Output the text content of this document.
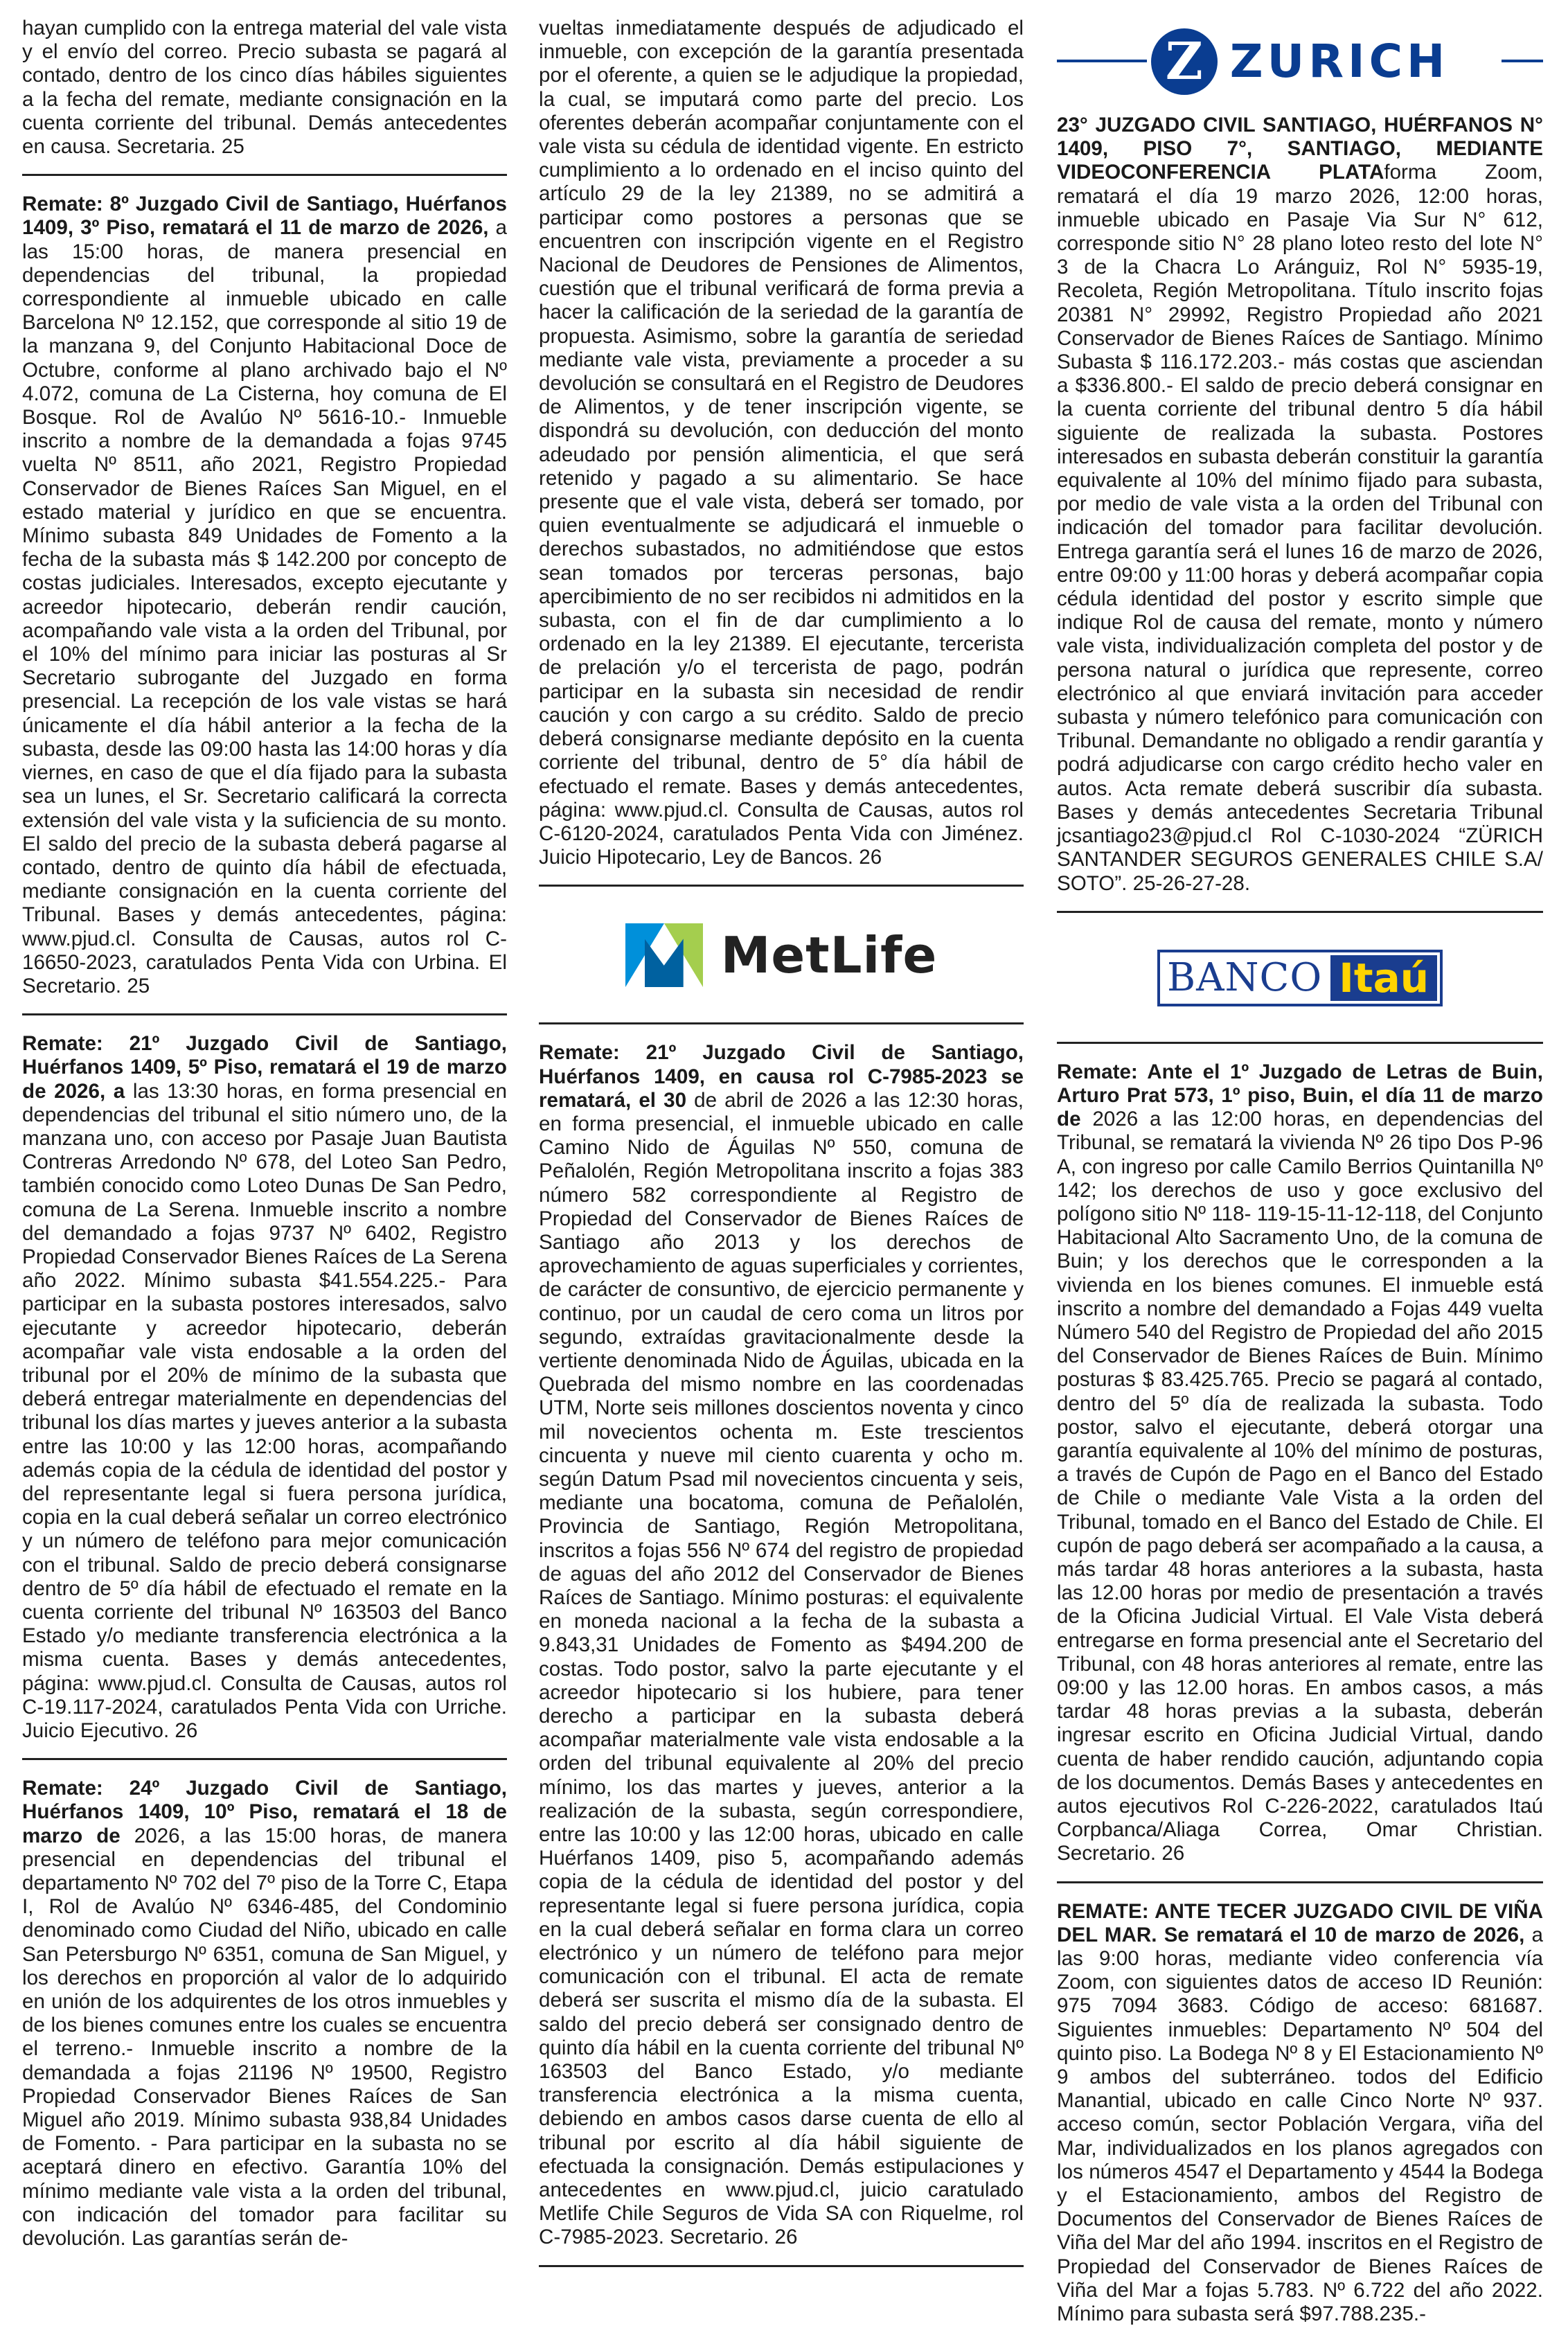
hayan cumplido con la entrega material del vale vista y el envío del correo. Precio subasta se pagará al contado, dentro de los cinco días hábiles siguientes a la fecha del remate, mediante consignación en la cuenta corriente del tribunal. Demás antecedentes en causa. Secretaria. 25

Remate: 8º Juzgado Civil de Santiago, Huérfanos 1409, 3º Piso, rematará el 11 de marzo de 2026, a las 15:00 horas, de manera presencial en dependencias del tribunal, la propiedad correspondiente al inmueble ubicado en calle Barcelona Nº 12.152, que corresponde al sitio 19 de la manzana 9, del Conjunto Habitacional Doce de Octubre, conforme al plano archivado bajo el Nº 4.072, comuna de La Cisterna, hoy comuna de El Bosque. Rol de Avalúo Nº 5616-10.- Inmueble inscrito a nombre de la demandada a fojas 9745 vuelta Nº 8511, año 2021, Registro Propiedad Conservador de Bienes Raíces San Miguel, en el estado material y jurídico en que se encuentra. Mínimo subasta 849 Unidades de Fomento a la fecha de la subasta más $ 142.200 por concepto de costas judiciales. Interesados, excepto ejecutante y acreedor hipotecario, deberán rendir caución, acompañando vale vista a la orden del Tribunal, por el 10% del mínimo para iniciar las posturas al Sr Secretario subrogante del Juzgado en forma presencial. La recepción de los vale vistas se hará únicamente el día hábil anterior a la fecha de la subasta, desde las 09:00 hasta las 14:00 horas y día viernes, en caso de que el día fijado para la subasta sea un lunes, el Sr. Secretario calificará la correcta extensión del vale vista y la suficiencia de su monto. El saldo del precio de la subasta deberá pagarse al contado, dentro de quinto día hábil de efectuada, mediante consignación en la cuenta corriente del Tribunal. Bases y demás antecedentes, página: www.pjud.cl. Consulta de Causas, autos rol C-16650-2023, caratulados Penta Vida con Urbina. El Secretario. 25

Remate: 21º Juzgado Civil de Santiago, Huérfanos 1409, 5º Piso, rematará el 19 de marzo de 2026, a las 13:30 horas, en forma presencial en dependencias del tribunal el sitio número uno, de la manzana uno, con acceso por Pasaje Juan Bautista Contreras Arredondo Nº 678, del Loteo San Pedro, también conocido como Loteo Dunas De San Pedro, comuna de La Serena. Inmueble inscrito a nombre del demandado a fojas 9737 Nº 6402, Registro Propiedad Conservador Bienes Raíces de La Serena año 2022. Mínimo subasta $41.554.225.- Para participar en la subasta postores interesados, salvo ejecutante y acreedor hipotecario, deberán acompañar vale vista endosable a la orden del tribunal por el 20% de mínimo de la subasta que deberá entregar materialmente en dependencias del tribunal los días martes y jueves anterior a la subasta entre las 10:00 y las 12:00 horas, acompañando además copia de la cédula de identidad del postor y del representante legal si fuera persona jurídica, copia en la cual deberá señalar un correo electrónico y un número de teléfono para mejor comunicación con el tribunal. Saldo de precio deberá consignarse dentro de 5º día hábil de efectuado el remate en la cuenta corriente del tribunal Nº 163503 del Banco Estado y/o mediante transferencia electrónica a la misma cuenta. Bases y demás antecedentes, página: www.pjud.cl. Consulta de Causas, autos rol C-19.117-2024, caratulados Penta Vida con Urriche. Juicio Ejecutivo. 26

Remate: 24º Juzgado Civil de Santiago, Huérfanos 1409, 10º Piso, rematará el 18 de marzo de 2026, a las 15:00 horas, de manera presencial en dependencias del tribunal el departamento Nº 702 del 7º piso de la Torre C, Etapa I, Rol de Avalúo Nº 6346-485, del Condominio denominado como Ciudad del Niño, ubicado en calle San Petersburgo Nº 6351, comuna de San Miguel, y los derechos en proporción al valor de lo adquirido en unión de los adquirentes de los otros inmuebles y de los bienes comunes entre los cuales se encuentra el terreno.- Inmueble inscrito a nombre de la demandada a fojas 21196 Nº 19500, Registro Propiedad Conservador Bienes Raíces de San Miguel año 2019. Mínimo subasta 938,84 Unidades de Fomento. - Para participar en la subasta no se aceptará dinero en efectivo. Garantía 10% del mínimo mediante vale vista a la orden del tribunal, con indicación del tomador para facilitar su devolución. Las garantías serán de-

vueltas inmediatamente después de adjudicado el inmueble, con excepción de la garantía presentada por el oferente, a quien se le adjudique la propiedad, la cual, se imputará como parte del precio. Los oferentes deberán acompañar conjuntamente con el vale vista su cédula de identidad vigente. En estricto cumplimiento a lo ordenado en el inciso quinto del artículo 29 de la ley 21389, no se admitirá a participar como postores a personas que se encuentren con inscripción vigente en el Registro Nacional de Deudores de Pensiones de Alimentos, cuestión que el tribunal verificará de forma previa a hacer la calificación de la seriedad de la garantía de propuesta. Asimismo, sobre la garantía de seriedad mediante vale vista, previamente a proceder a su devolución se consultará en el Registro de Deudores de Alimentos, y de tener inscripción vigente, se dispondrá su devolución, con deducción del monto adeudado por pensión alimenticia, el que será retenido y pagado a su alimentario. Se hace presente que el vale vista, deberá ser tomado, por quien eventualmente se adjudicará el inmueble o derechos subastados, no admitiéndose que estos sean tomados por terceras personas, bajo apercibimiento de no ser recibidos ni admitidos en la subasta, con el fin de dar cumplimiento a lo ordenado en la ley 21389. El ejecutante, tercerista de prelación y/o el tercerista de pago, podrán participar en la subasta sin necesidad de rendir caución y con cargo a su crédito. Saldo de precio deberá consignarse mediante depósito en la cuenta corriente del tribunal, dentro de 5° día hábil de efectuado el remate. Bases y demás antecedentes, página: www.pjud.cl. Consulta de Causas, autos rol C-6120-2024, caratulados Penta Vida con Jiménez. Juicio Hipotecario, Ley de Bancos. 26

MetLife

Remate: 21º Juzgado Civil de Santiago, Huérfanos 1409, en causa rol C-7985-2023 se rematará, el 30 de abril de 2026 a las 12:30 horas, en forma presencial, el inmueble ubicado en calle Camino Nido de Águilas Nº 550, comuna de Peñalolén, Región Metropolitana inscrito a fojas 383 número 582 correspondiente al Registro de Propiedad del Conservador de Bienes Raíces de Santiago año 2013 y los derechos de aprovechamiento de aguas superficiales y corrientes, de carácter de consuntivo, de ejercicio permanente y continuo, por un caudal de cero coma un litros por segundo, extraídas gravitacionalmente desde la vertiente denominada Nido de Águilas, ubicada en la Quebrada del mismo nombre en las coordenadas UTM, Norte seis millones doscientos noventa y cinco mil novecientos ochenta m. Este trescientos cincuenta y nueve mil ciento cuarenta y ocho m. según Datum Psad mil novecientos cincuenta y seis, mediante una bocatoma, comuna de Peñalolén, Provincia de Santiago, Región Metropolitana, inscritos a fojas 556 Nº 674 del registro de propiedad de aguas del año 2012 del Conservador de Bienes Raíces de Santiago. Mínimo posturas: el equivalente en moneda nacional a la fecha de la subasta a 9.843,31 Unidades de Fomento as $494.200 de costas. Todo postor, salvo la parte ejecutante y el acreedor hipotecario si los hubiere, para tener derecho a participar en la subasta deberá acompañar materialmente vale vista endosable a la orden del tribunal equivalente al 20% del precio mínimo, los das martes y jueves, anterior a la realización de la subasta, según correspondiere, entre las 10:00 y las 12:00 horas, ubicado en calle Huérfanos 1409, piso 5, acompañando además copia de la cédula de identidad del postor y del representante legal si fuere persona jurídica, copia en la cual deberá señalar en forma clara un correo electrónico y un número de teléfono para mejor comunicación con el tribunal. El acta de remate deberá ser suscrita el mismo día de la subasta. El saldo del precio deberá ser consignado dentro de quinto día hábil en la cuenta corriente del tribunal Nº 163503 del Banco Estado, y/o mediante transferencia electrónica a la misma cuenta, debiendo en ambos casos darse cuenta de ello al tribunal por escrito al día hábil siguiente de efectuada la consignación. Demás estipulaciones y antecedentes en www.pjud.cl, juicio caratulado Metlife Chile Seguros de Vida SA con Riquelme, rol C-7985-2023. Secretario. 26

Z ZURICH

23° JUZGADO CIVIL SANTIAGO, HUÉRFANOS N° 1409, PISO 7°, SANTIAGO, MEDIANTE VIDEOCONFERENCIA PLATAforma Zoom, rematará el día 19 marzo 2026, 12:00 horas, inmueble ubicado en Pasaje Via Sur N° 612, corresponde sitio N° 28 plano loteo resto del lote N° 3 de la Chacra Lo Aránguiz, Rol N° 5935-19, Recoleta, Región Metropolitana. Título inscrito fojas 20381 N° 29992, Registro Propiedad año 2021 Conservador de Bienes Raíces de Santiago. Mínimo Subasta $ 116.172.203.- más costas que asciendan a $336.800.- El saldo de precio deberá consignar en la cuenta corriente del tribunal dentro 5 día hábil siguiente de realizada la subasta. Postores interesados en subasta deberán constituir la garantía equivalente al 10% del mínimo fijado para subasta, por medio de vale vista a la orden del Tribunal con indicación del tomador para facilitar devolución. Entrega garantía será el lunes 16 de marzo de 2026, entre 09:00 y 11:00 horas y deberá acompañar copia cédula identidad del postor y escrito simple que indique Rol de causa del remate, monto y número vale vista, individualización completa del postor y de persona natural o jurídica que represente, correo electrónico al que enviará invitación para acceder subasta y número telefónico para comunicación con Tribunal. Demandante no obligado a rendir garantía y podrá adjudicarse con cargo crédito hecho valer en autos. Acta remate deberá suscribir día subasta. Bases y demás antecedentes Secretaria Tribunal jcsantiago23@pjud.cl Rol C-1030-2024 “ZÜRICH SANTANDER SEGUROS GENERALES CHILE S.A/ SOTO”. 25-26-27-28.

BANCO Itaú

Remate: Ante el 1º Juzgado de Letras de Buin, Arturo Prat 573, 1º piso, Buin, el día 11 de marzo de 2026 a las 12:00 horas, en dependencias del Tribunal, se rematará la vivienda Nº 26 tipo Dos P-96 A, con ingreso por calle Camilo Berrios Quintanilla Nº 142; los derechos de uso y goce exclusivo del polígono sitio Nº 118- 119-15-11-12-118, del Conjunto Habitacional Alto Sacramento Uno, de la comuna de Buin; y los derechos que le corresponden a la vivienda en los bienes comunes. El inmueble está inscrito a nombre del demandado a Fojas 449 vuelta Número 540 del Registro de Propiedad del año 2015 del Conservador de Bienes Raíces de Buin. Mínimo posturas $ 83.425.765. Precio se pagará al contado, dentro del 5º día de realizada la subasta. Todo postor, salvo el ejecutante, deberá otorgar una garantía equivalente al 10% del mínimo de posturas, a través de Cupón de Pago en el Banco del Estado de Chile o mediante Vale Vista a la orden del Tribunal, tomado en el Banco del Estado de Chile. El cupón de pago deberá ser acompañado a la causa, a más tardar 48 horas anteriores a la subasta, hasta las 12.00 horas por medio de presentación a través de la Oficina Judicial Virtual. El Vale Vista deberá entregarse en forma presencial ante el Secretario del Tribunal, con 48 horas anteriores al remate, entre las 09:00 y las 12.00 horas. En ambos casos, a más tardar 48 horas previas a la subasta, deberán ingresar escrito en Oficina Judicial Virtual, dando cuenta de haber rendido caución, adjuntando copia de los documentos. Demás Bases y antecedentes en autos ejecutivos Rol C-226-2022, caratulados Itaú Corpbanca/Aliaga Correa, Omar Christian. Secretario. 26

REMATE: ANTE TECER JUZGADO CIVIL DE VIÑA DEL MAR. Se rematará el 10 de marzo de 2026, a las 9:00 horas, mediante video conferencia vía Zoom, con siguientes datos de acceso ID Reunión: 975 7094 3683. Código de acceso: 681687. Siguientes inmuebles: Departamento Nº 504 del quinto piso. La Bodega Nº 8 y El Estacionamiento Nº 9 ambos del subterráneo. todos del Edificio Manantial, ubicado en calle Cinco Norte Nº 937. acceso común, sector Población Vergara, viña del Mar, individualizados en los planos agregados con los números 4547 el Departamento y 4544 la Bodega y el Estacionamiento, ambos del Registro de Documentos del Conservador de Bienes Raíces de Viña del Mar del año 1994. inscritos en el Registro de Propiedad del Conservador de Bienes Raíces de Viña del Mar a fojas 5.783. Nº 6.722 del año 2022. Mínimo para subasta será $97.788.235.-
